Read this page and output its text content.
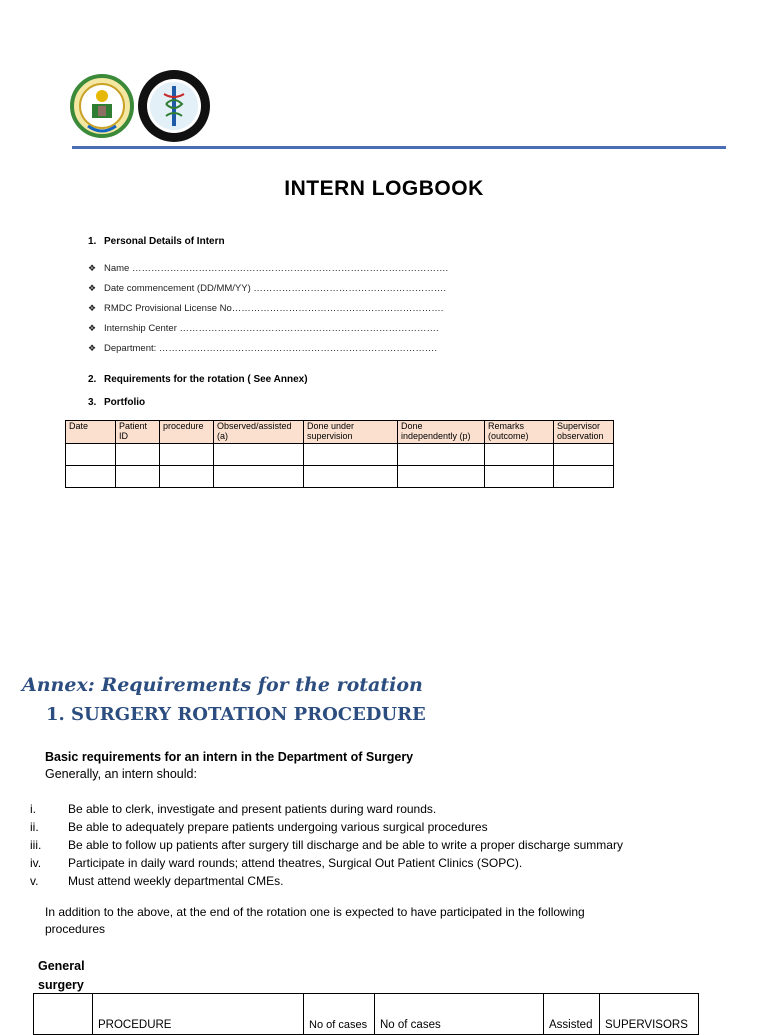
INTERN LOGBOOK
1. Personal Details of Intern
❖ Name ……………………………………………………………………………………….
❖ Date commencement (DD/MM/YY) …………………………………………………….
❖ RMDC Provisional License No………………………………………………………….
❖ Internship Center ……………………………………………………………………….
❖ Department: …………………………………………………………………………….
2. Requirements for the rotation ( See Annex)
3. Portfolio
Date	Patient ID	procedure	Observed/assisted (a)	Done under supervision	Done independently (p)	Remarks (outcome)	Supervisor observation

Annex: Requirements for the rotation
1. SURGERY ROTATION PROCEDURE
Basic requirements for an intern in the Department of Surgery
Generally, an intern should:
i.	Be able to clerk, investigate and present patients during ward rounds.
ii. Be able to adequately prepare patients undergoing various surgical procedures
iii. Be able to follow up patients after surgery till discharge and be able to write a proper discharge summary
iv. Participate in daily ward rounds; attend theatres, Surgical Out Patient Clinics (SOPC).
v. Must attend weekly departmental CMEs.
In addition to the above, at the end of the rotation one is expected to have participated in the following procedures
General surgery
	PROCEDURE	No of cases	No of cases	Assisted	SUPERVISORS
